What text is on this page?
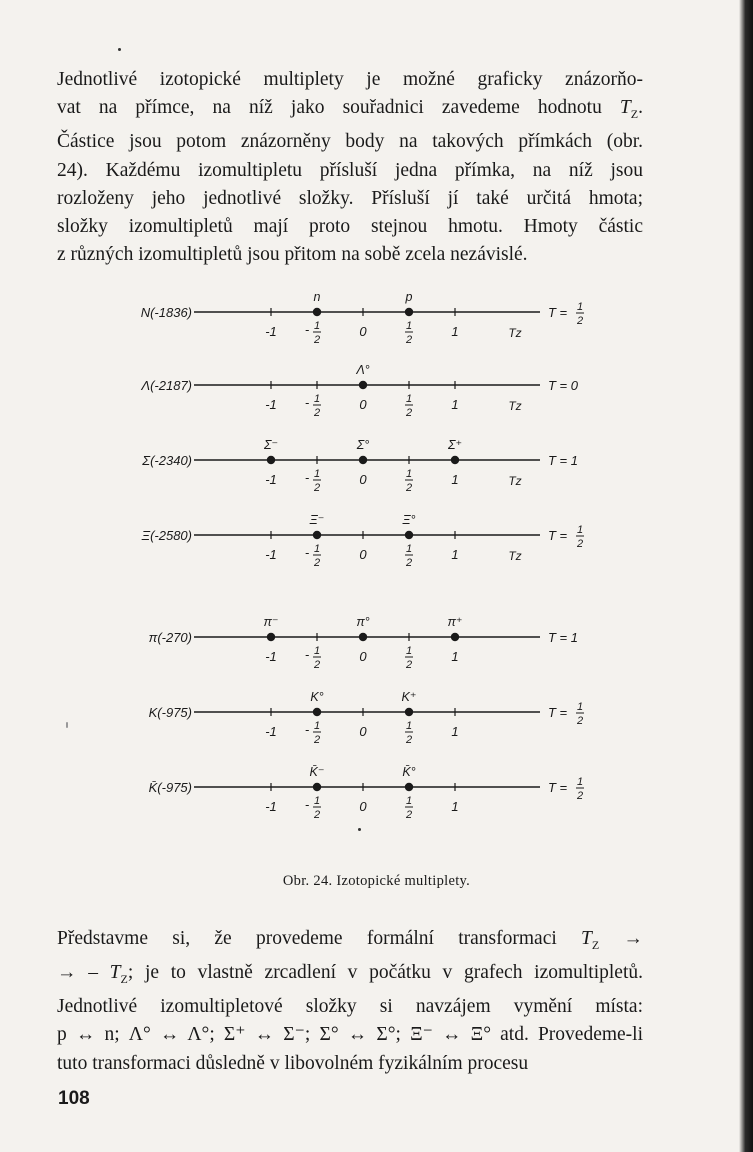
Jednotlivé izotopické multiplety je možné graficky znázorňo-
vat na přímce, na níž jako souřadnici zavedeme hodnotu $T_Z$.
Částice jsou potom znázorněny body na takových přímkách (obr.
24). Každému izomultipletu přísluší jedna přímka, na níž jsou
rozloženy jeho jednotlivé složky. Přísluší jí také určitá hmota;
složky izomultipletů mají proto stejnou hmotu. Hmoty částic
z různých izomultipletů jsou přitom na sobě zcela nezávislé.
N(-1836)
-1 - 1
2
0	1
2
1
n	p
Tz
T = 1
2
Λ(-2187)
-1 - 1
2
0	1
2
1
Λ°
Tz
T = 0
Σ(-2340)
-1 - 1
2
0	1
2
1
Σ⁻	Σ°	Σ⁺
Tz
T = 1
Ξ(-2580)
-1 - 1
2
0	1
2
1
Ξ⁻	Ξ°
Tz
T = 1
2
π(-270)
-1 - 1
2
0	1
2
1
π⁻	π°	π⁺
T = 1
K(-975)
-1 - 1
2
0	1
2
1
K°	K⁺
T = 1
2
K̄(-975)
-1 - 1
2
0	1
2
1
K̄⁻	K̄°
T = 1
2
Obr. 24. Izotopické multiplety.
Představme si, že provedeme formální transformaci $T_Z$ →
→ – $T_Z$; je to vlastně zrcadlení v počátku v grafech izomultipletů.
Jednotlivé izomultipletové složky si navzájem vymění místa:
p ↔ n; Λ° ↔ Λ°; Σ⁺ ↔ Σ⁻; Σ° ↔ Σ°; Ξ⁻ ↔ Ξ° atd. Provedeme-li
tuto transformaci důsledně v libovolném fyzikálním procesu
108
